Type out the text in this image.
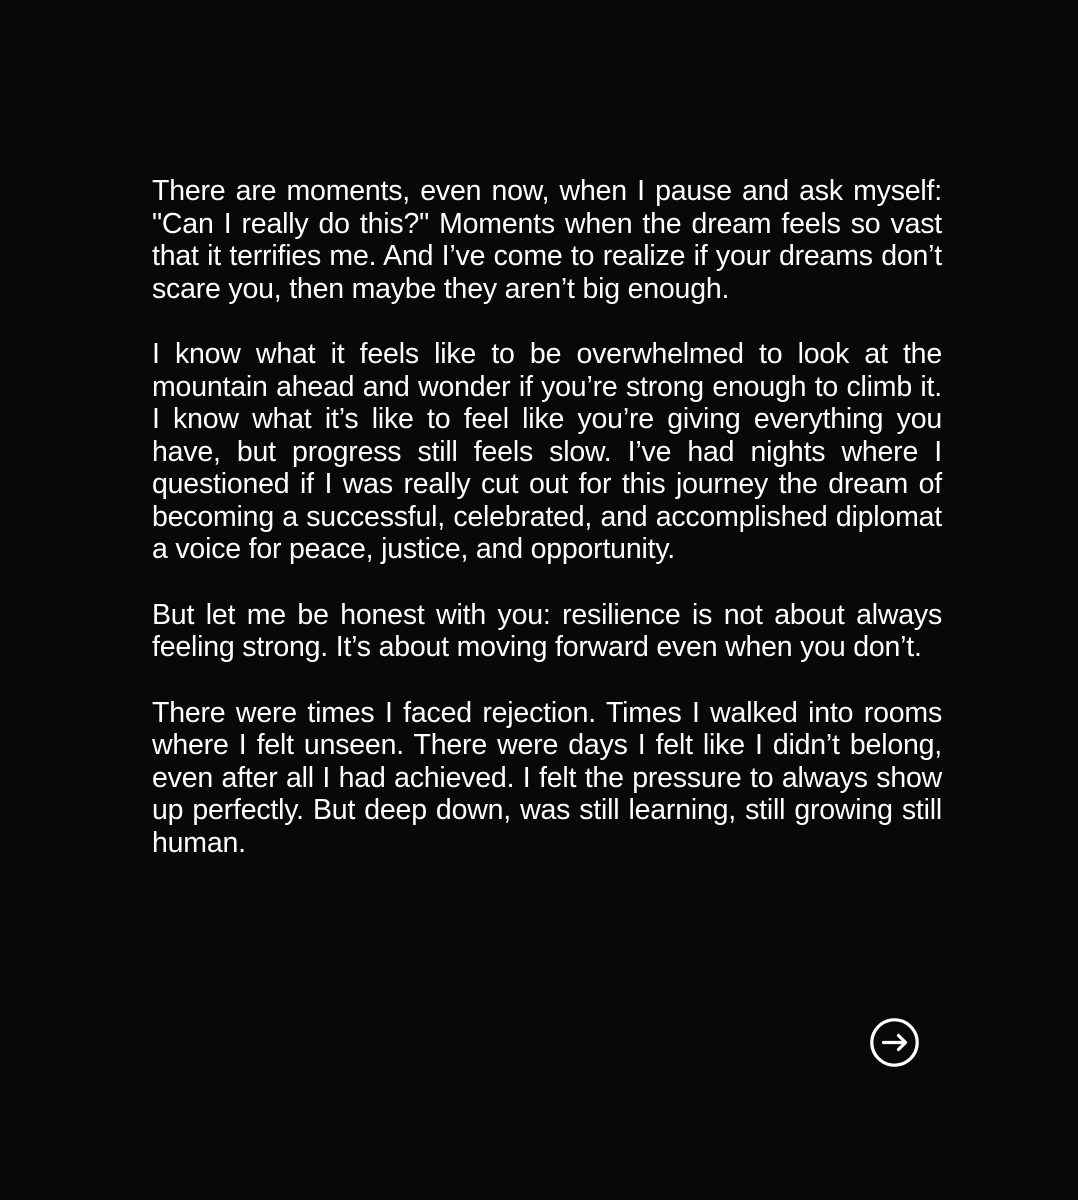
There are moments, even now, when I pause and ask myself: "Can I really do this?" Moments when the dream feels so vast that it terrifies me. And I’ve come to realize if your dreams don’t scare you, then maybe they aren’t big enough.

I know what it feels like to be overwhelmed to look at the mountain ahead and wonder if you’re strong enough to climb it. I know what it’s like to feel like you’re giving everything you have, but progress still feels slow. I’ve had nights where I questioned if I was really cut out for this journey the dream of becoming a successful, celebrated, and accomplished diplomat a voice for peace, justice, and opportunity.

But let me be honest with you: resilience is not about always feeling strong. It’s about moving forward even when you don’t.

There were times I faced rejection. Times I walked into rooms where I felt unseen. There were days I felt like I didn’t belong, even after all I had achieved. I felt the pressure to always show up perfectly. But deep down, was still learning, still growing still human.
